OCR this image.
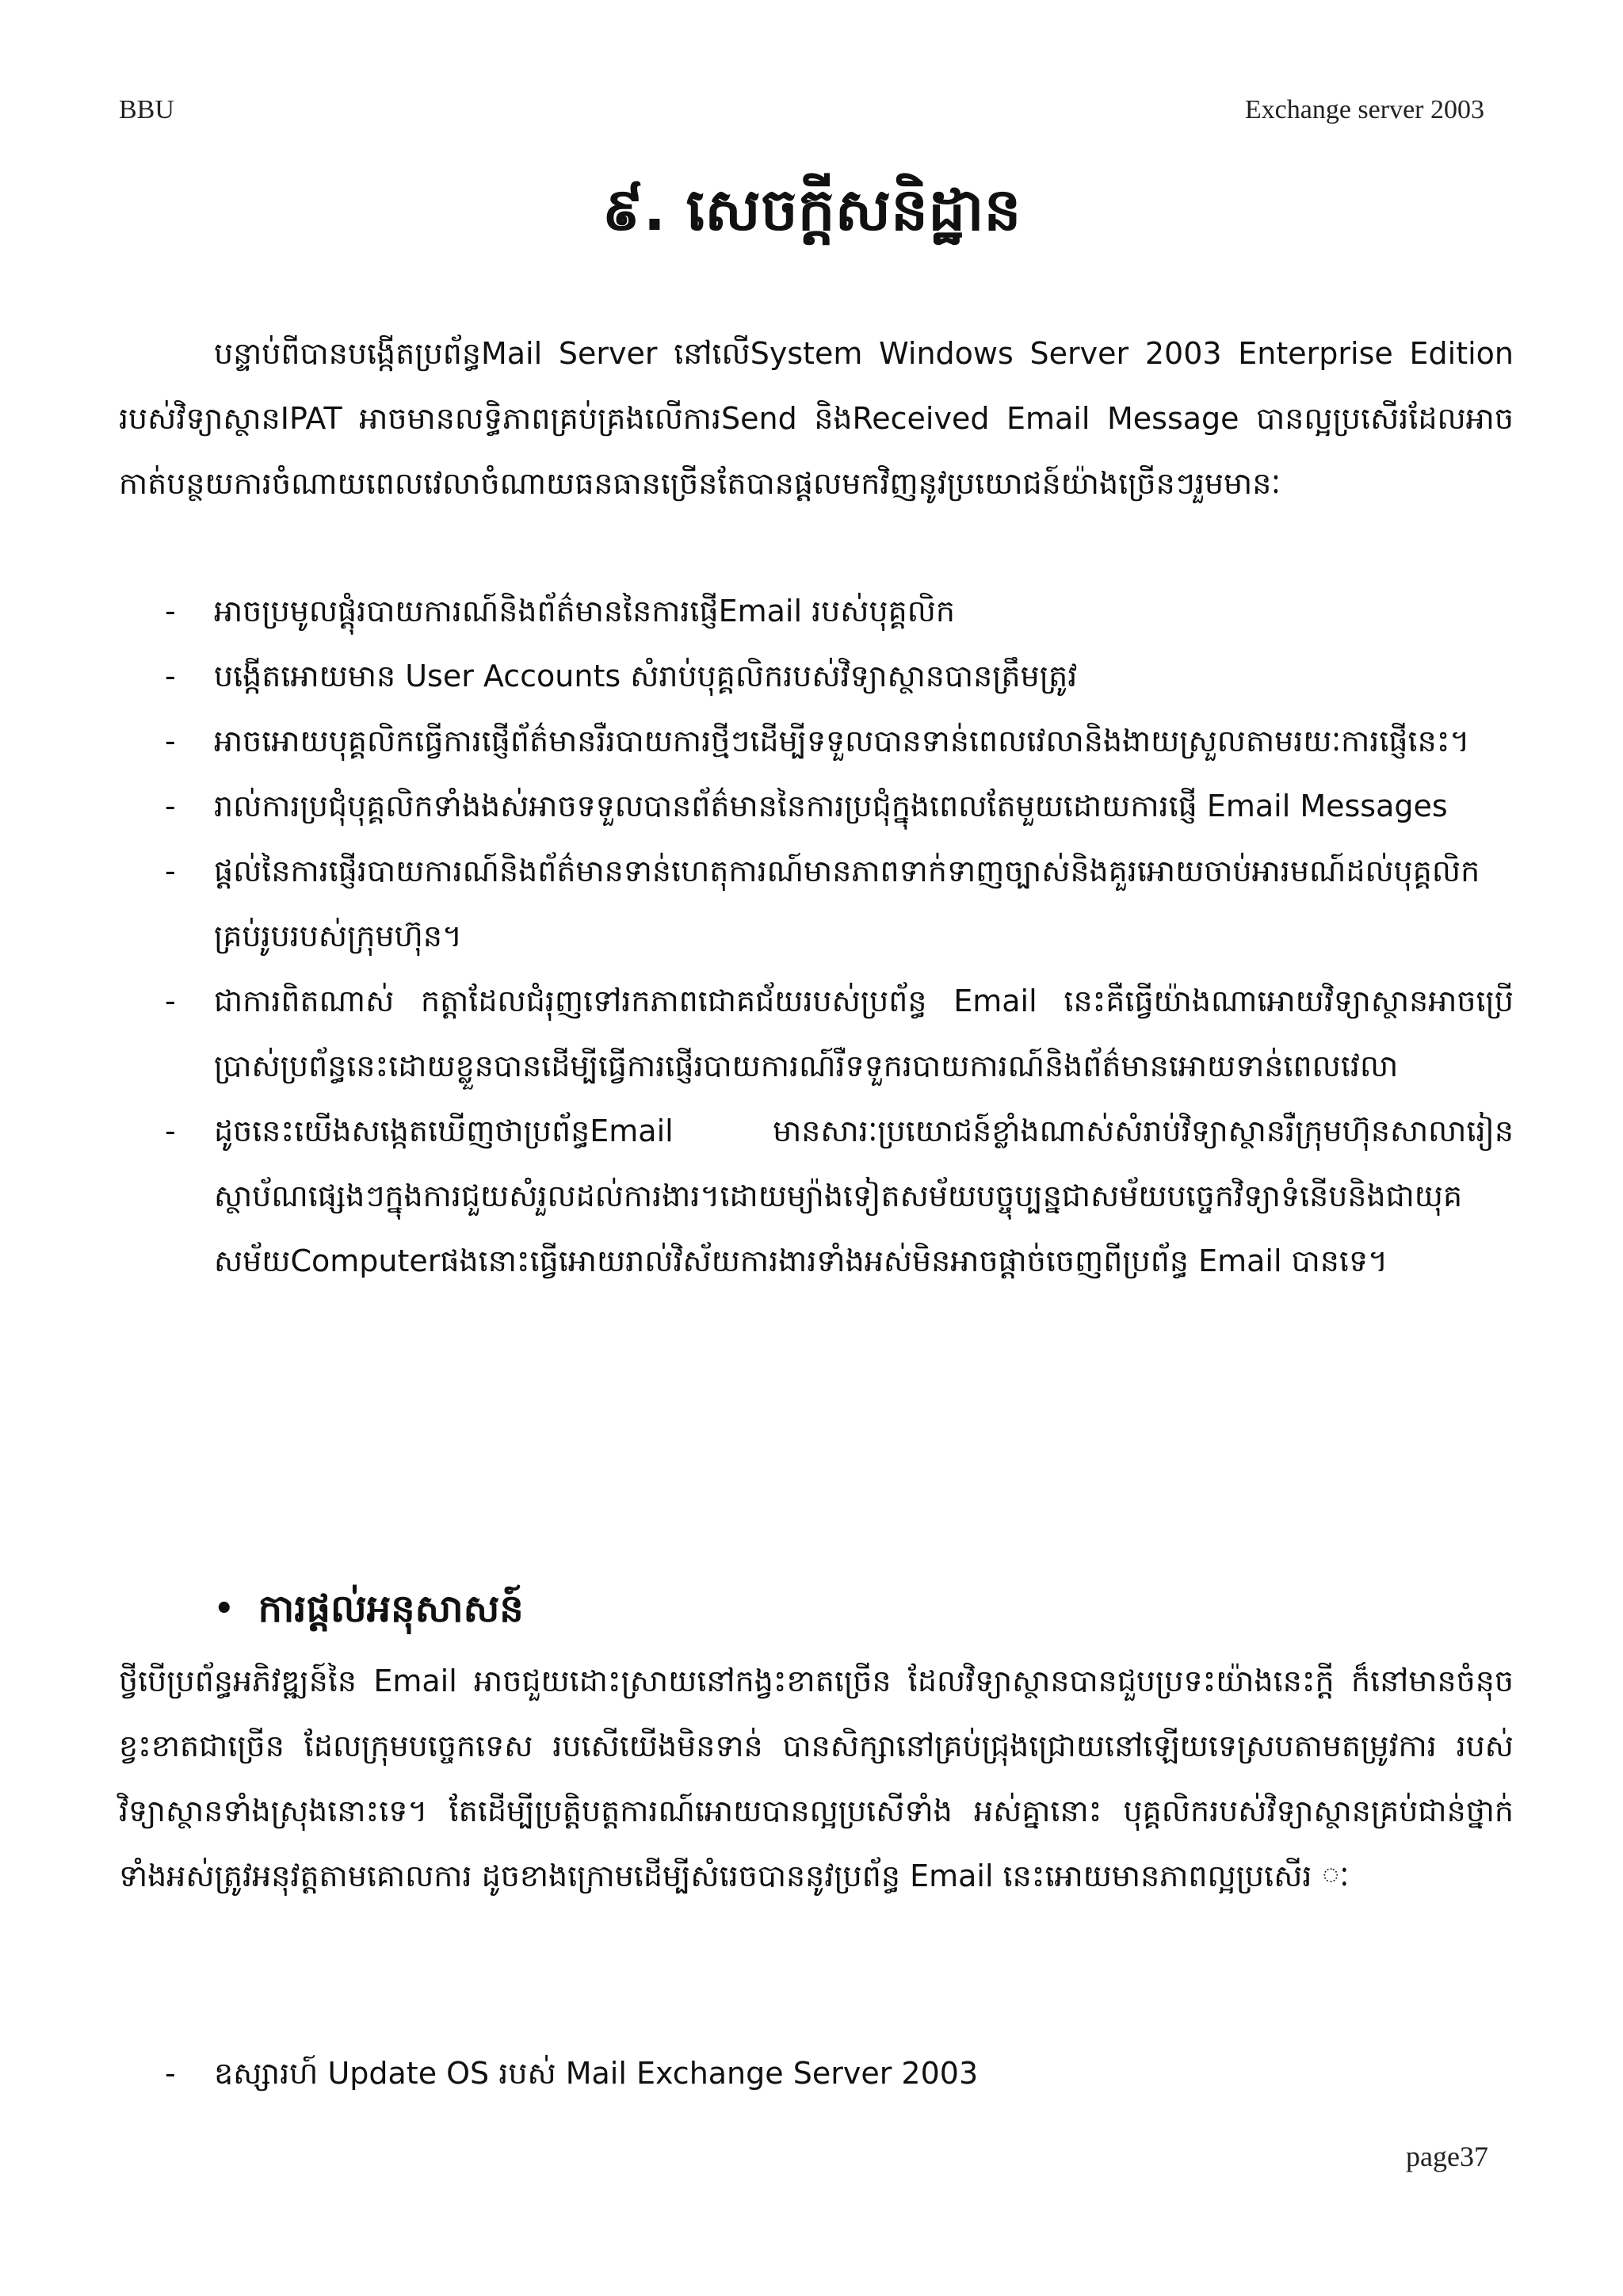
BBU	Exchange server 2003
៩. សេចក្តីសនិដ្ឋាន

បន្ទាប់ពីបានបង្កើតប្រព័ន្ធMail Server នៅលើSystem Windows Server 2003 Enterprise Edition របស់វិទ្យាស្ថានIPAT អាចមានលទ្ធិភាពគ្រប់គ្រងលើការSend និងReceived Email Message បានល្អប្រសើរដែលអាចកាត់បន្ថយការចំណាយពេលវេលាចំណាយធនធានច្រើនតែបានផ្តលមកវិញនូវប្រយោជន៍យ៉ាងច្រើនៗរួមមានៈ

- អាចប្រមូលផ្តុំរបាយការណ៍និងព័ត៌មាននៃការផ្ញើEmail របស់បុគ្គលិក
- បង្កើតអោយមាន User Accounts សំរាប់បុគ្គលិករបស់វិទ្យាស្ថានបានត្រឹមត្រូវ
- អាចអោយបុគ្គលិកធ្វើការផ្ញើព័ត៌មានរឺរបាយការថ្មីៗដើម្បីទទួលបានទាន់ពេលវេលានិងងាយស្រួលតាមរយៈការផ្ញើនេះ។
- រាល់ការប្រជុំបុគ្គលិកទាំងងស់អាចទទួលបានព័ត៌មាននៃការប្រជុំក្នុងពេលតែមួយដោយការផ្ញើ Email Messages
- ផ្តល់នៃការផ្ញើរបាយការណ៍និងព័ត៌មានទាន់ហេតុការណ៍មានភាពទាក់ទាញច្បាស់និងគួរអោយចាប់អារមណ៍ដល់បុគ្គលិកគ្រប់រូបរបស់ក្រុមហ៊ុន។
- ជាការពិតណាស់ កត្តាដែលជំរុញទៅរកភាពជោគជ័យរបស់ប្រព័ន្ធ Email នេះគឺធ្វើយ៉ាងណាអោយវិទ្យាស្ថានអាចប្រើប្រាស់ប្រព័ន្ធនេះដោយខ្លួនបានដើម្បីធ្វើការផ្ញើរបាយការណ៍រឺទទួករបាយការណ៍និងព័ត៌មានអោយទាន់ពេលវេលា
- ដូចនេះយើងសង្កេតឃើញថាប្រព័ន្ធEmail មានសារៈប្រយោជន៍ខ្លាំងណាស់សំរាប់វិទ្យាស្ថានរឺក្រុមហ៊ុនសាលារៀនស្ថាប័ណផ្សេងៗក្នុងការជួយសំរួលដល់ការងារ។ដោយម្យ៉ាងទៀតសម័យបច្ចុប្បន្នជាសម័យបច្ចេកវិទ្យាទំនើបនិងជាយុគសម័យComputerផងនោះធ្វើអោយរាល់វិស័យការងារទាំងអស់មិនអាចផ្តាច់ចេញពីប្រព័ន្ធ Email បានទេ។
• ការផ្តល់អនុសាសន៍

ថ្វីបើប្រព័ន្ធអភិវឌ្ឍន៍នៃ Email អាចជួយដោះស្រាយនៅកង្វះខាតច្រើន ដែលវិទ្យាស្ថានបានជួបប្រទះយ៉ាងនេះក្តី ក៏នៅមានចំនុចខ្វះខាតជាច្រើន ដែលក្រុមបច្ចេកទេស របសើយើងមិនទាន់ បានសិក្សានៅគ្រប់ជ្រុងជ្រោយនៅឡើយទេស្របតាមតម្រូវការ របស់វិទ្យាស្ថានទាំងស្រុងនោះទេ។ តែដើម្បីប្រត្តិបត្តការណ៍អោយបានល្អប្រសើទាំង អស់គ្នានោះ បុគ្គលិករបស់វិទ្យាស្ថានគ្រប់ជាន់ថ្នាក់ទាំងអស់ត្រូវអនុវត្តតាមគោលការ ដូចខាងក្រោមដើម្បីសំរេចបាននូវប្រព័ន្ធ Email នេះអោយមានភាពល្អប្រសើរ ៈ

- ឧស្សារហ៍ Update OS របស់ Mail Exchange Server 2003
page37
